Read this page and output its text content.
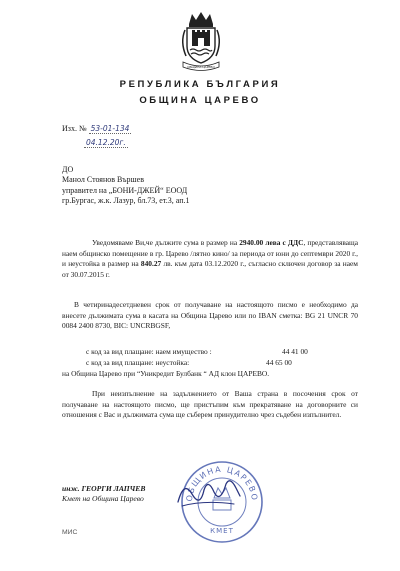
ОБЩИНА ЦАРЕВО
РЕПУБЛИКА БЪЛГАРИЯ
ОБЩИНА ЦАРЕВО
Изх. № 53-01-134
04.12.20г.
ДО
Манол Стоянов Вършев
управител на „БОНИ-ДЖЕЙ“ ЕООД
гр.Бургас, ж.к. Лазур, бл.73, ет.3, ап.1
Уведомяваме Ви,че дължите сума в размер на 2940.00 лева с ДДС, представляваща наем общинско помещение в гр. Царево /лятно кино/ за периода от юни до септември 2020 г., и неустойка в размер на 840.27 лв. към дата 03.12.2020 г., съгласно сключен договор за наем от 30.07.2015 г.
В четиринадесетдневен срок от получаване на настоящото писмо е необходимо да внесете дължимата сума в касата на Община Царево или по IBAN сметка: BG 21 UNCR 70 0084 2400 8730, BIC: UNCRBGSF,
с код за вид плащане: наем имущество :	44 41 00
с код за вид плащане: неустойка:	44 65 00
на Община Царево при “Уникредит Булбанк “ АД клон ЦАРЕВО.
При неизпълнение на задължението от Ваша страна в посочения срок от получаване на настоящото писмо, ще пристъпим към прекратяване на договорните си отношения с Вас и дължимата сума ще съберем принудително чрез съдебен изпълнител.
инж. ГЕОРГИ ЛАПЧЕВ
Кмет на Община Царево	ОБЩИНА ЦАРЕВО
КМЕТ
МИС
